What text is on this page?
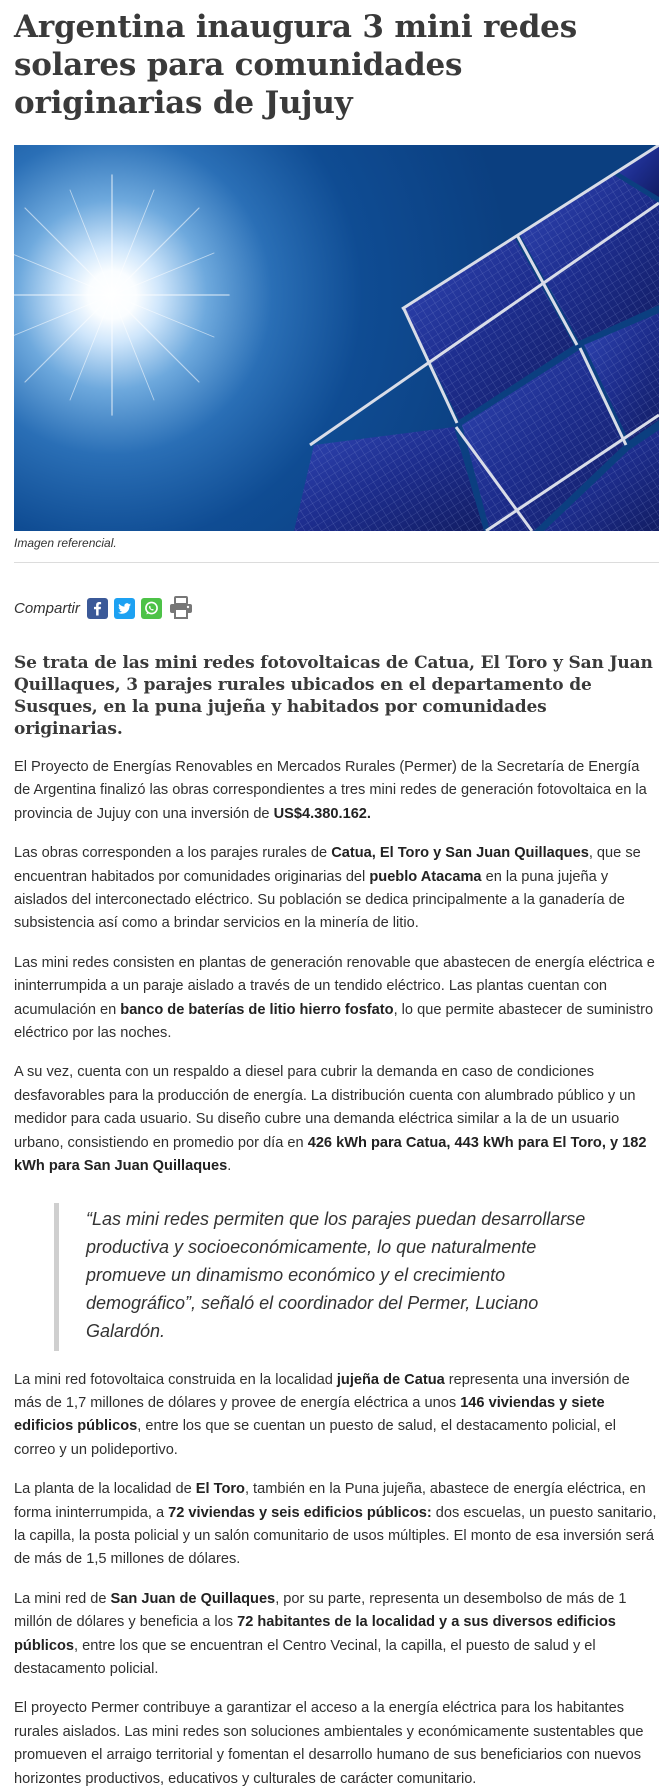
Argentina inaugura 3 mini redes solares para comunidades originarias de Jujuy
Imagen referencial.
Compartir
Se trata de las mini redes fotovoltaicas de Catua, El Toro y San Juan Quillaques, 3 parajes rurales ubicados en el departamento de Susques, en la puna jujeña y habitados por comunidades originarias.

El Proyecto de Energías Renovables en Mercados Rurales (Permer) de la Secretaría de Energía de Argentina finalizó las obras correspondientes a tres mini redes de generación fotovoltaica en la provincia de Jujuy con una inversión de US$4.380.162.

Las obras corresponden a los parajes rurales de Catua, El Toro y San Juan Quillaques, que se encuentran habitados por comunidades originarias del pueblo Atacama en la puna jujeña y aislados del interconectado eléctrico. Su población se dedica principalmente a la ganadería de subsistencia así como a brindar servicios en la minería de litio.

Las mini redes consisten en plantas de generación renovable que abastecen de energía eléctrica e ininterrumpida a un paraje aislado a través de un tendido eléctrico. Las plantas cuentan con acumulación en banco de baterías de litio hierro fosfato, lo que permite abastecer de suministro eléctrico por las noches.

A su vez, cuenta con un respaldo a diesel para cubrir la demanda en caso de condiciones desfavorables para la producción de energía. La distribución cuenta con alumbrado público y un medidor para cada usuario. Su diseño cubre una demanda eléctrica similar a la de un usuario urbano, consistiendo en promedio por día en 426 kWh para Catua, 443 kWh para El Toro, y 182 kWh para San Juan Quillaques.

“Las mini redes permiten que los parajes puedan desarrollarse productiva y socioeconómicamente, lo que naturalmente promueve un dinamismo económico y el crecimiento demográfico”, señaló el coordinador del Permer, Luciano Galardón.

La mini red fotovoltaica construida en la localidad jujeña de Catua representa una inversión de más de 1,7 millones de dólares y provee de energía eléctrica a unos 146 viviendas y siete edificios públicos, entre los que se cuentan un puesto de salud, el destacamento policial, el correo y un polideportivo.

La planta de la localidad de El Toro, también en la Puna jujeña, abastece de energía eléctrica, en forma ininterrumpida, a 72 viviendas y seis edificios públicos: dos escuelas, un puesto sanitario, la capilla, la posta policial y un salón comunitario de usos múltiples. El monto de esa inversión será de más de 1,5 millones de dólares.

La mini red de San Juan de Quillaques, por su parte, representa un desembolso de más de 1 millón de dólares y beneficia a los 72 habitantes de la localidad y a sus diversos edificios públicos, entre los que se encuentran el Centro Vecinal, la capilla, el puesto de salud y el destacamento policial.

El proyecto Permer contribuye a garantizar el acceso a la energía eléctrica para los habitantes rurales aislados. Las mini redes son soluciones ambientales y económicamente sustentables que promueven el arraigo territorial y fomentan el desarrollo humano de sus beneficiarios con nuevos horizontes productivos, educativos y culturales de carácter comunitario.
